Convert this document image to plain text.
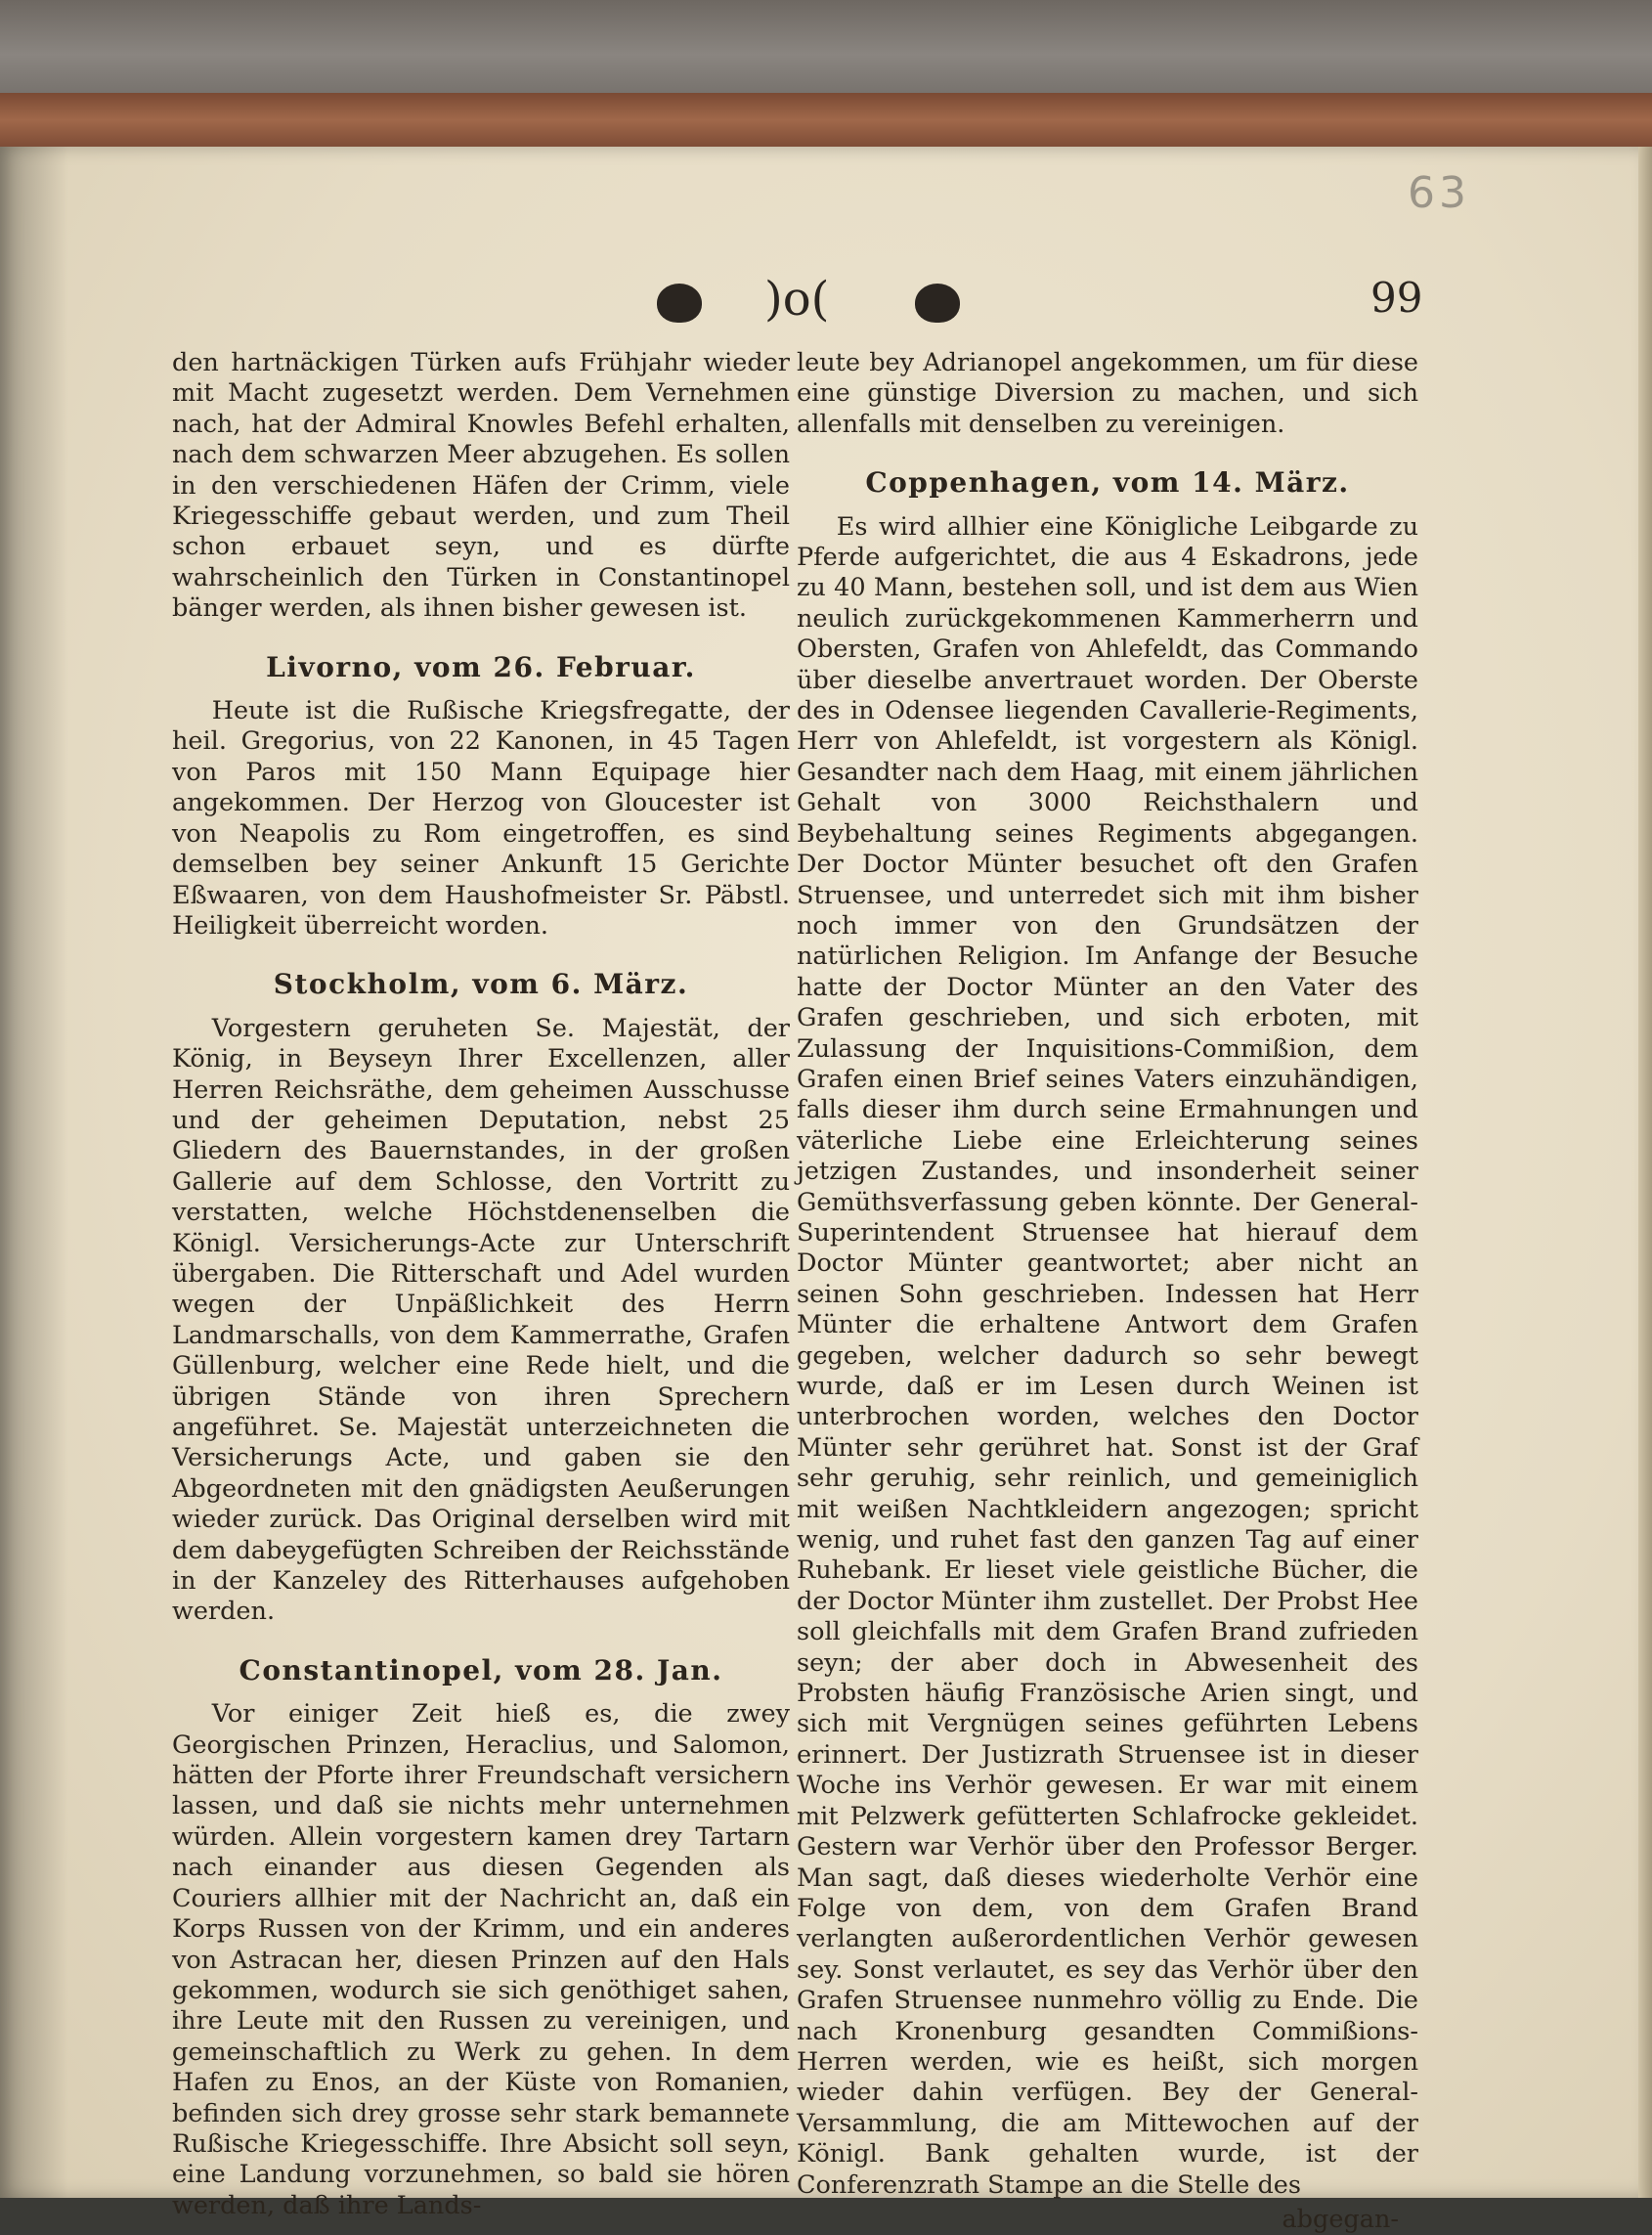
63
)o(	99

den hartnäckigen Türken aufs Frühjahr wieder mit Macht zugesetzt werden. Dem Vernehmen nach, hat der Admiral Knowles Befehl erhalten, nach dem schwarzen Meer abzugehen. Es sollen in den verschiedenen Häfen der Crimm, viele Kriegesschiffe gebaut werden, und zum Theil schon erbauet seyn, und es dürfte wahrscheinlich den Türken in Constantinopel bänger werden, als ihnen bisher gewesen ist.

Livorno, vom 26. Februar.

Heute ist die Rußische Kriegsfregatte, der heil. Gregorius, von 22 Kanonen, in 45 Tagen von Paros mit 150 Mann Equipage hier angekommen. Der Herzog von Gloucester ist von Neapolis zu Rom eingetroffen, es sind demselben bey seiner Ankunft 15 Gerichte Eßwaaren, von dem Haushofmeister Sr. Päbstl. Heiligkeit überreicht worden.

Stockholm, vom 6. März.

Vorgestern geruheten Se. Majestät, der König, in Beyseyn Ihrer Excellenzen, aller Herren Reichsräthe, dem geheimen Ausschusse und der geheimen Deputation, nebst 25 Gliedern des Bauernstandes, in der großen Gallerie auf dem Schlosse, den Vortritt zu verstatten, welche Höchstdenenselben die Königl. Versicherungs-Acte zur Unterschrift übergaben. Die Ritterschaft und Adel wurden wegen der Unpäßlichkeit des Herrn Landmarschalls, von dem Kammerrathe, Grafen Güllenburg, welcher eine Rede hielt, und die übrigen Stände von ihren Sprechern angeführet. Se. Majestät unterzeichneten die Versicherungs Acte, und gaben sie den Abgeordneten mit den gnädigsten Aeußerungen wieder zurück. Das Original derselben wird mit dem dabeygefügten Schreiben der Reichsstände in der Kanzeley des Ritterhauses aufgehoben werden.

Constantinopel, vom 28. Jan.

Vor einiger Zeit hieß es, die zwey Georgischen Prinzen, Heraclius, und Salomon, hätten der Pforte ihrer Freundschaft versichern lassen, und daß sie nichts mehr unternehmen würden. Allein vorgestern kamen drey Tartarn nach einander aus diesen Gegenden als Couriers allhier mit der Nachricht an, daß ein Korps Russen von der Krimm, und ein anderes von Astracan her, diesen Prinzen auf den Hals gekommen, wodurch sie sich genöthiget sahen, ihre Leute mit den Russen zu vereinigen, und gemeinschaftlich zu Werk zu gehen. In dem Hafen zu Enos, an der Küste von Romanien, befinden sich drey grosse sehr stark bemannete Rußische Kriegesschiffe. Ihre Absicht soll seyn, eine Landung vorzunehmen, so bald sie hören werden, daß ihre Lands-

leute bey Adrianopel angekommen, um für diese eine günstige Diversion zu machen, und sich allenfalls mit denselben zu vereinigen.

Coppenhagen, vom 14. März.

Es wird allhier eine Königliche Leibgarde zu Pferde aufgerichtet, die aus 4 Eskadrons, jede zu 40 Mann, bestehen soll, und ist dem aus Wien neulich zurückgekommenen Kammerherrn und Obersten, Grafen von Ahlefeldt, das Commando über dieselbe anvertrauet worden. Der Oberste des in Odensee liegenden Cavallerie-Regiments, Herr von Ahlefeldt, ist vorgestern als Königl. Gesandter nach dem Haag, mit einem jährlichen Gehalt von 3000 Reichsthalern und Beybehaltung seines Regiments abgegangen. Der Doctor Münter besuchet oft den Grafen Struensee, und unterredet sich mit ihm bisher noch immer von den Grundsätzen der natürlichen Religion. Im Anfange der Besuche hatte der Doctor Münter an den Vater des Grafen geschrieben, und sich erboten, mit Zulassung der Inquisitions-Commißion, dem Grafen einen Brief seines Vaters einzuhändigen, falls dieser ihm durch seine Ermahnungen und väterliche Liebe eine Erleichterung seines jetzigen Zustandes, und insonderheit seiner Gemüthsverfassung geben könnte. Der General-Superintendent Struensee hat hierauf dem Doctor Münter geantwortet; aber nicht an seinen Sohn geschrieben. Indessen hat Herr Münter die erhaltene Antwort dem Grafen gegeben, welcher dadurch so sehr bewegt wurde, daß er im Lesen durch Weinen ist unterbrochen worden, welches den Doctor Münter sehr gerühret hat. Sonst ist der Graf sehr geruhig, sehr reinlich, und gemeiniglich mit weißen Nachtkleidern angezogen; spricht wenig, und ruhet fast den ganzen Tag auf einer Ruhebank. Er lieset viele geistliche Bücher, die der Doctor Münter ihm zustellet. Der Probst Hee soll gleichfalls mit dem Grafen Brand zufrieden seyn; der aber doch in Abwesenheit des Probsten häufig Französische Arien singt, und sich mit Vergnügen seines geführten Lebens erinnert. Der Justizrath Struensee ist in dieser Woche ins Verhör gewesen. Er war mit einem mit Pelzwerk gefütterten Schlafrocke gekleidet. Gestern war Verhör über den Professor Berger. Man sagt, daß dieses wiederholte Verhör eine Folge von dem, von dem Grafen Brand verlangten außerordentlichen Verhör gewesen sey. Sonst verlautet, es sey das Verhör über den Grafen Struensee nunmehro völlig zu Ende. Die nach Kronenburg gesandten Commißions-Herren werden, wie es heißt, sich morgen wieder dahin verfügen. Bey der General-Versammlung, die am Mittewochen auf der Königl. Bank gehalten wurde, ist der Conferenzrath Stampe an die Stelle des

abgegan-
